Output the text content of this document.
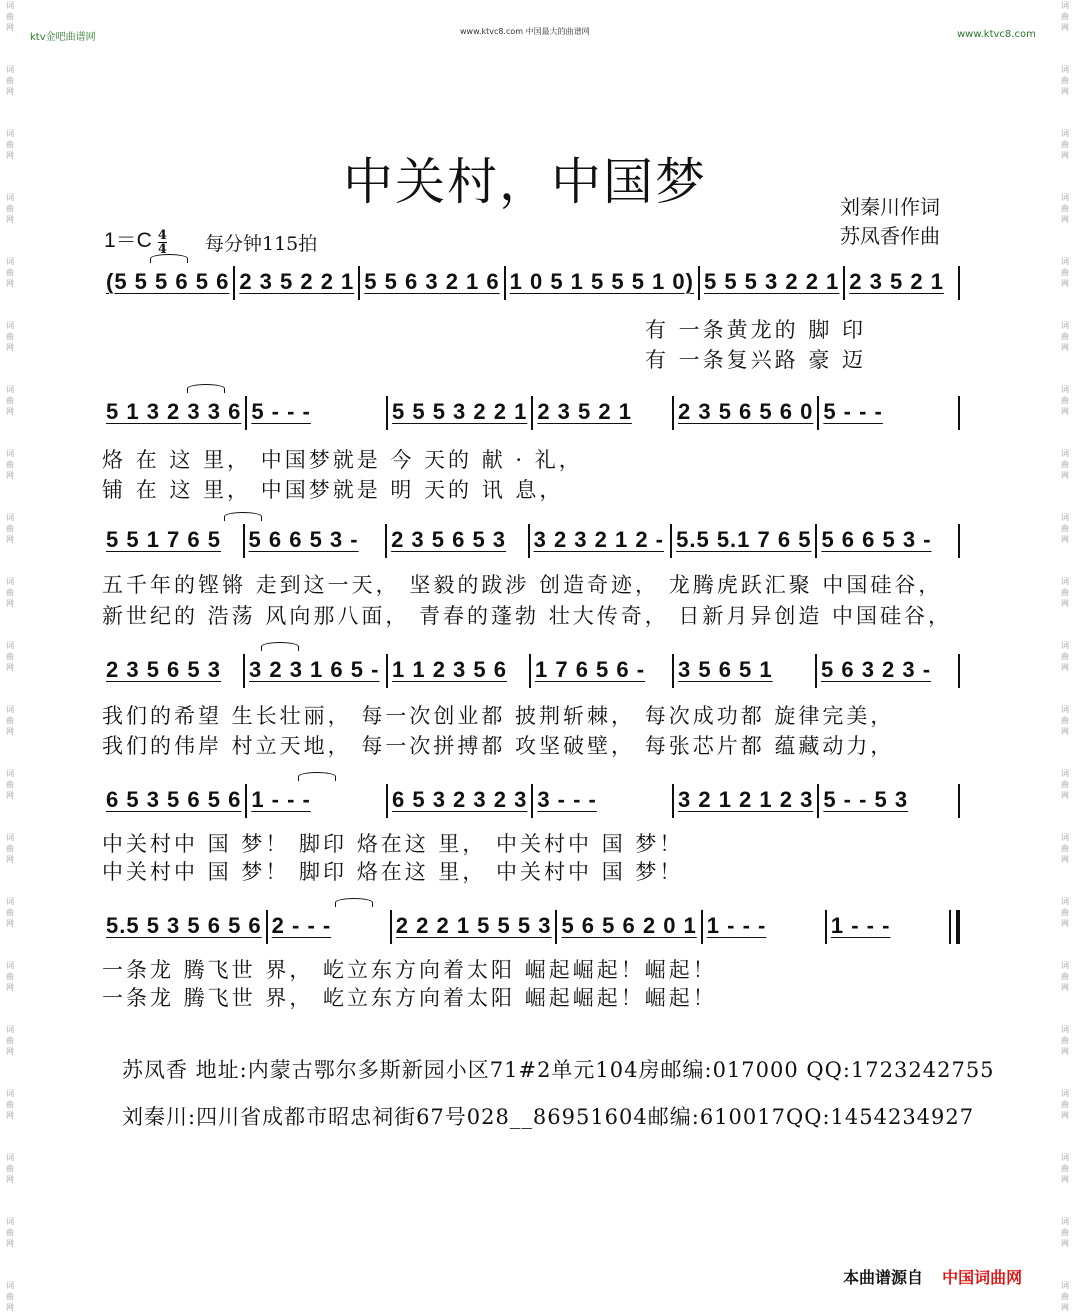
词曲网
词曲网
词曲网
词曲网
词曲网
词曲网
词曲网
词曲网
词曲网
词曲网
词曲网
词曲网
词曲网
词曲网
词曲网
词曲网
词曲网
词曲网
词曲网
词曲网
词曲网
词曲网
词曲网
词曲网
词曲网
词曲网
词曲网
词曲网
词曲网
词曲网
词曲网
词曲网
词曲网
词曲网
词曲网
词曲网
词曲网
词曲网
词曲网
词曲网
词曲网
词曲网
ktv金吧曲谱网
www.ktvc8.com 中国最大的曲谱网	www.ktvc8.com
中关村，中国梦	刘秦川作词
苏凤香作曲
$1=C \frac{4}{4}$ 每分钟115拍
(5 5 5 6 5 6 2 3 5 2 2 1 5 5 6 3 2 1 6 1 0 5 1 5 5 5 1 0) 5 5 5 3 2 2 1 2 3 5 2 1
有 一条黄龙的 脚 印
有 一条复兴路 豪 迈
5 1 3 2 3 3 6 5 - - -	5 5 5 3 2 2 1 2 3 5 2 1	2 3 5 6 5 6 0 5 - - -
烙 在 这 里， 中国梦就是 今 天的 献 · 礼，
铺 在 这 里， 中国梦就是 明 天的 讯 息，
5 5 1 7 6 5	5 6 6 5 3 -	2 3 5 6 5 3	3 2 3 2 1 2 - 5.5 5.1 7 6 5 5 6 6 5 3 -
五千年的铿锵 走到这一天， 坚毅的跋涉 创造奇迹， 龙腾虎跃汇聚 中国硅谷，
新世纪的 浩荡 风向那八面， 青春的蓬勃 壮大传奇， 日新月异创造 中国硅谷，
2 3 5 6 5 3	3 2 3 1 6 5 - 1 1 2 3 5 6	1 7 6 5 6 -	3 5 6 5 1	5 6 3 2 3 -
我们的希望 生长壮丽， 每一次创业都 披荆斩棘， 每次成功都 旋律完美，
我们的伟岸 村立天地， 每一次拼搏都 攻坚破壁， 每张芯片都 蕴藏动力，
6 5 3 5 6 5 6 1 - - -	6 5 3 2 3 2 3 3 - - -	3 2 1 2 1 2 3 5 - - 5 3
中关村中 国 梦！ 脚印 烙在这 里， 中关村中 国 梦！
中关村中 国 梦！ 脚印 烙在这 里， 中关村中 国 梦！
5.5 5 3 5 6 5 6 2 - - -	2 2 2 1 5 5 5 3 5 6 5 6 2 0 1 1 - - -	1 - - -
一条龙 腾飞世 界， 屹立东方向着太阳 崛起崛起！崛起！
一条龙 腾飞世 界， 屹立东方向着太阳 崛起崛起！崛起！
苏凤香 地址:内蒙古鄂尔多斯新园小区71#2单元104房邮编:017000 QQ:1723242755
刘秦川:四川省成都市昭忠祠街67号028__86951604邮编:610017QQ:1454234927
本曲谱源自 中国词曲网
